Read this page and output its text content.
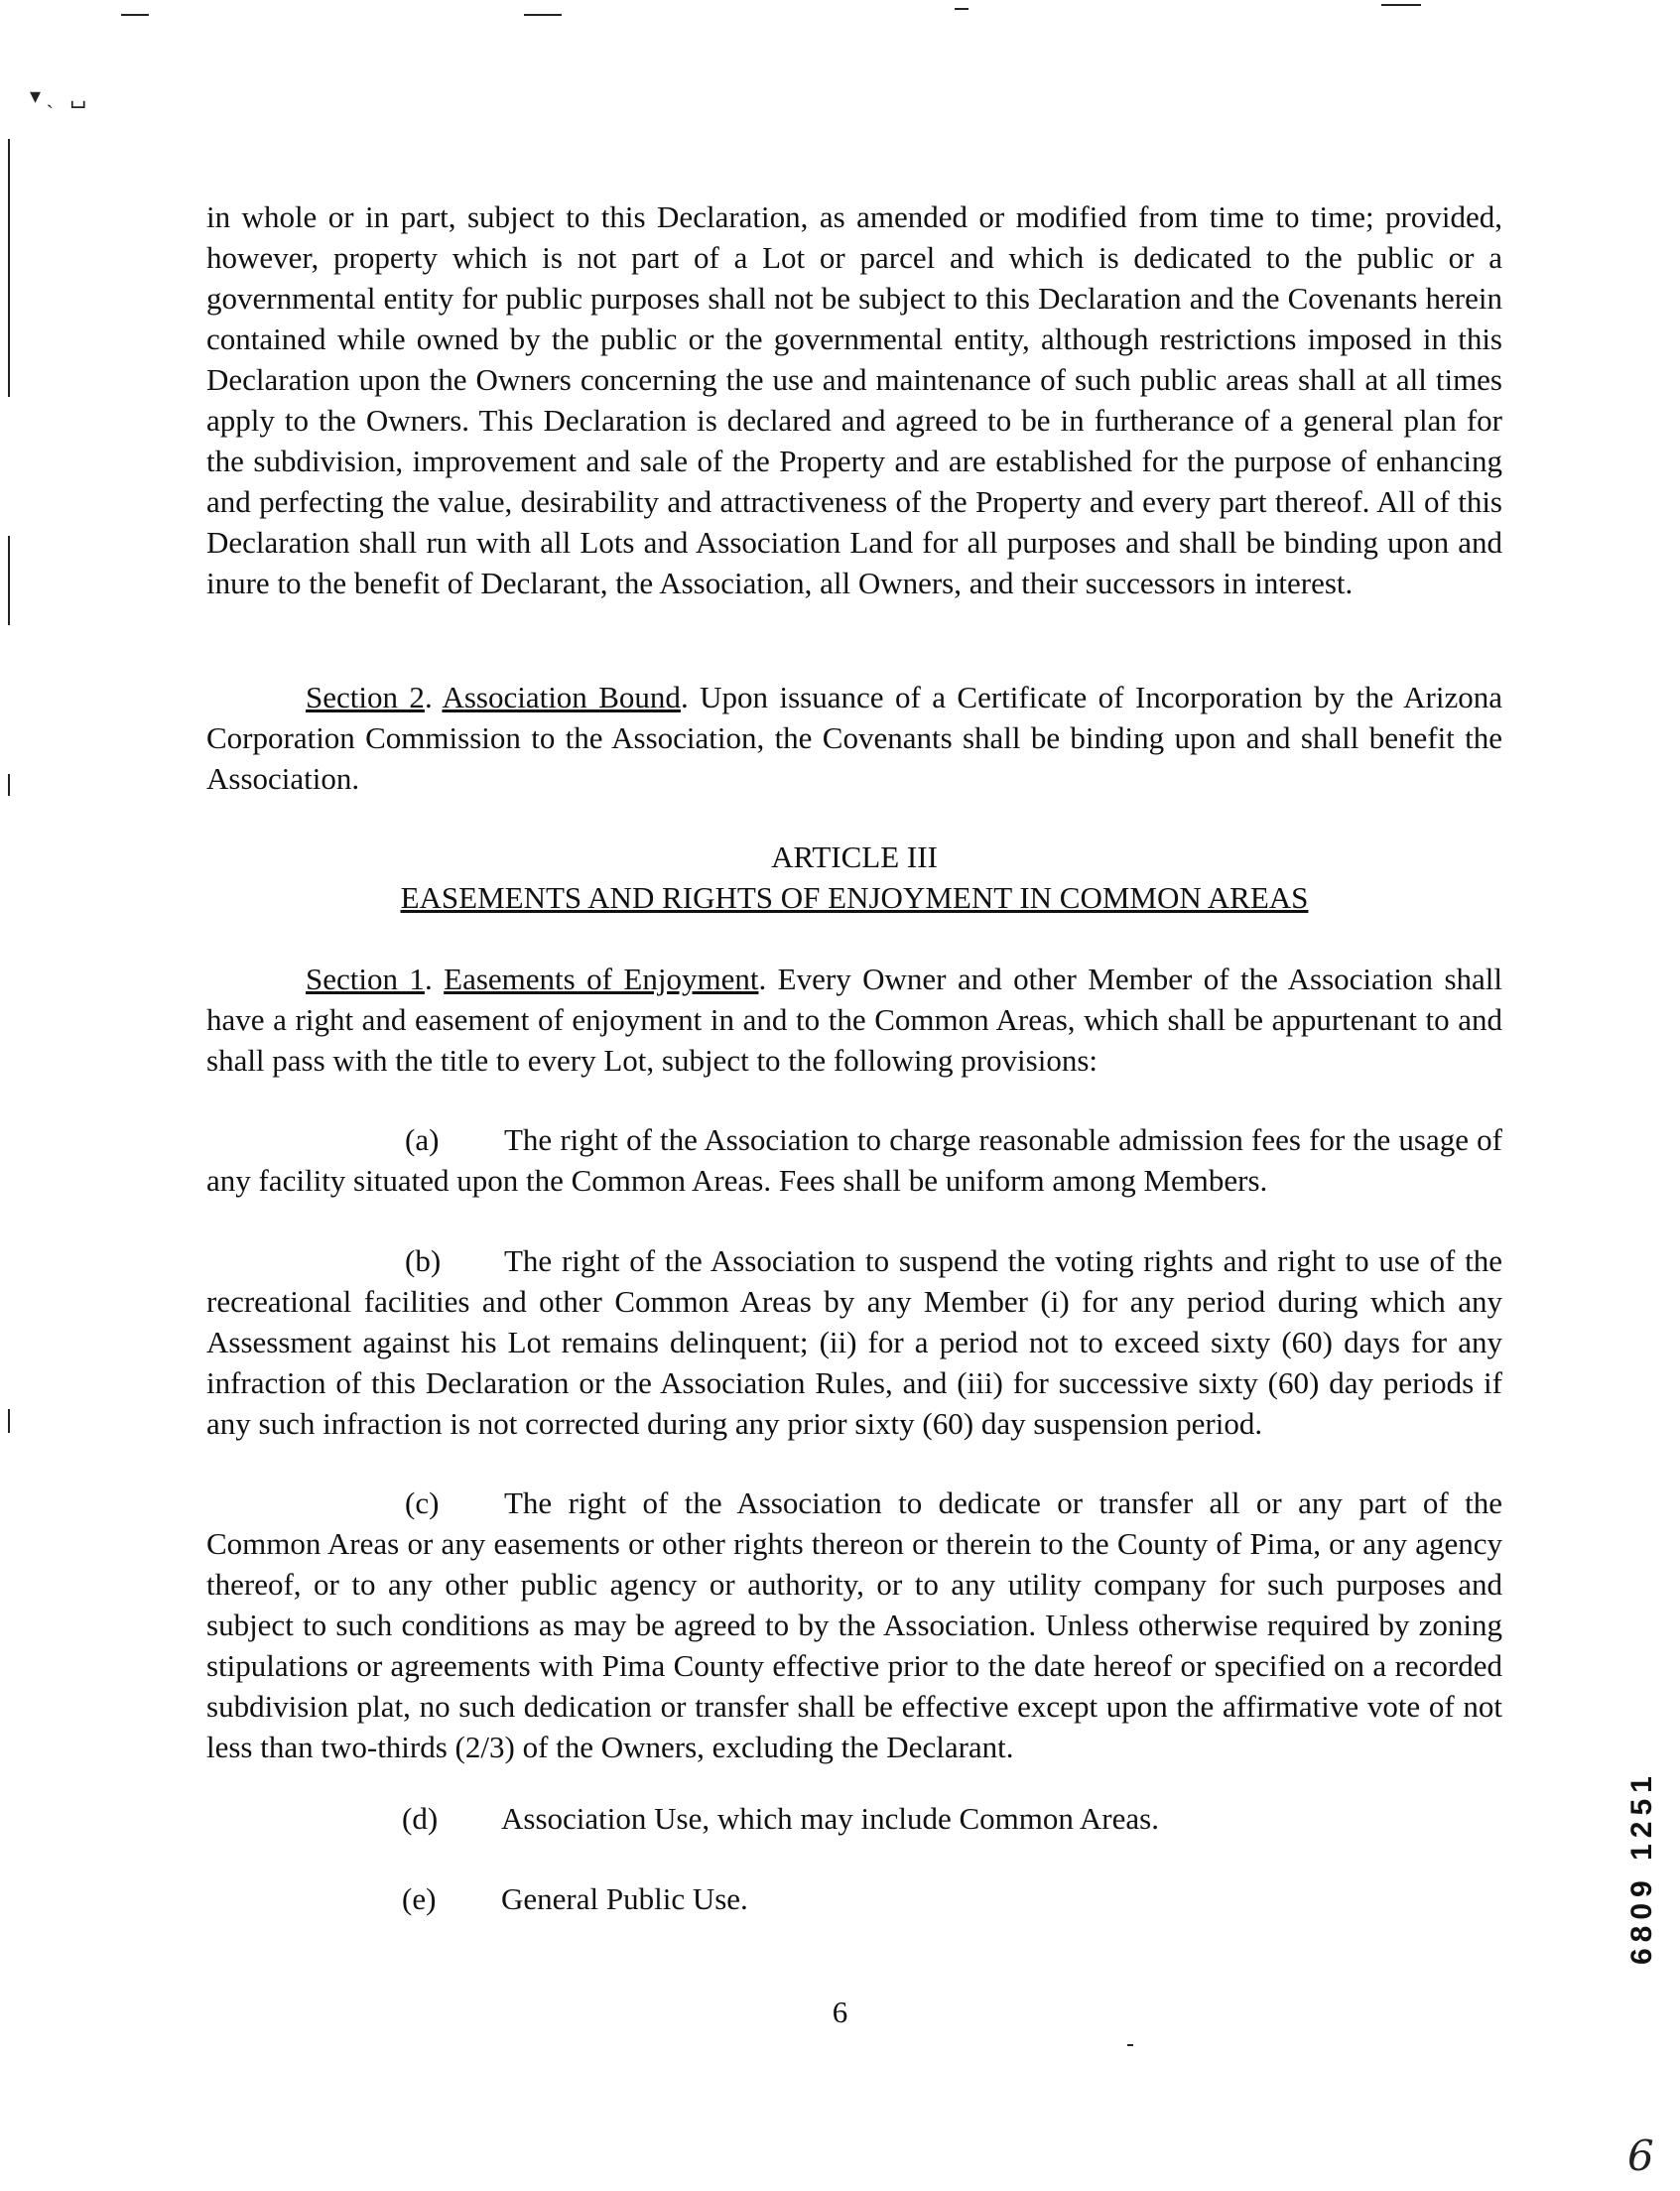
▾ ˏ   ␣

in whole or in part, subject to this Declaration, as amended or modified from time to time; provided, however, property which is not part of a Lot or parcel and which is dedicated to the public or a governmental entity for public purposes shall not be subject to this Declaration and the Covenants herein contained while owned by the public or the governmental entity, although restrictions imposed in this Declaration upon the Owners concerning the use and maintenance of such public areas shall at all times apply to the Owners. This Declaration is declared and agreed to be in furtherance of a general plan for the subdivision, improvement and sale of the Property and are established for the purpose of enhancing and perfecting the value, desirability and attractiveness of the Property and every part thereof. All of this Declaration shall run with all Lots and Association Land for all purposes and shall be binding upon and inure to the benefit of Declarant, the Association, all Owners, and their successors in interest.

Section 2. Association Bound. Upon issuance of a Certificate of Incorporation by the Arizona Corporation Commission to the Association, the Covenants shall be binding upon and shall benefit the Association.

ARTICLE III
EASEMENTS AND RIGHTS OF ENJOYMENT IN COMMON AREAS

Section 1. Easements of Enjoyment. Every Owner and other Member of the Association shall have a right and easement of enjoyment in and to the Common Areas, which shall be appurtenant to and shall pass with the title to every Lot, subject to the following provisions:

(a) The right of the Association to charge reasonable admission fees for the usage of any facility situated upon the Common Areas. Fees shall be uniform among Members.

(b) The right of the Association to suspend the voting rights and right to use of the recreational facilities and other Common Areas by any Member (i) for any period during which any Assessment against his Lot remains delinquent; (ii) for a period not to exceed sixty (60) days for any infraction of this Declaration or the Association Rules, and (iii) for successive sixty (60) day periods if any such infraction is not corrected during any prior sixty (60) day suspension period.

(c) The right of the Association to dedicate or transfer all or any part of the Common Areas or any easements or other rights thereon or therein to the County of Pima, or any agency thereof, or to any other public agency or authority, or to any utility company for such purposes and subject to such conditions as may be agreed to by the Association. Unless otherwise required by zoning stipulations or agreements with Pima County effective prior to the date hereof or specified on a recorded subdivision plat, no such dedication or transfer shall be effective except upon the affirmative vote of not less than two-thirds (2/3) of the Owners, excluding the Declarant.

(d) Association Use, which may include Common Areas.
(e) General Public Use.
6
6809 1251
6
